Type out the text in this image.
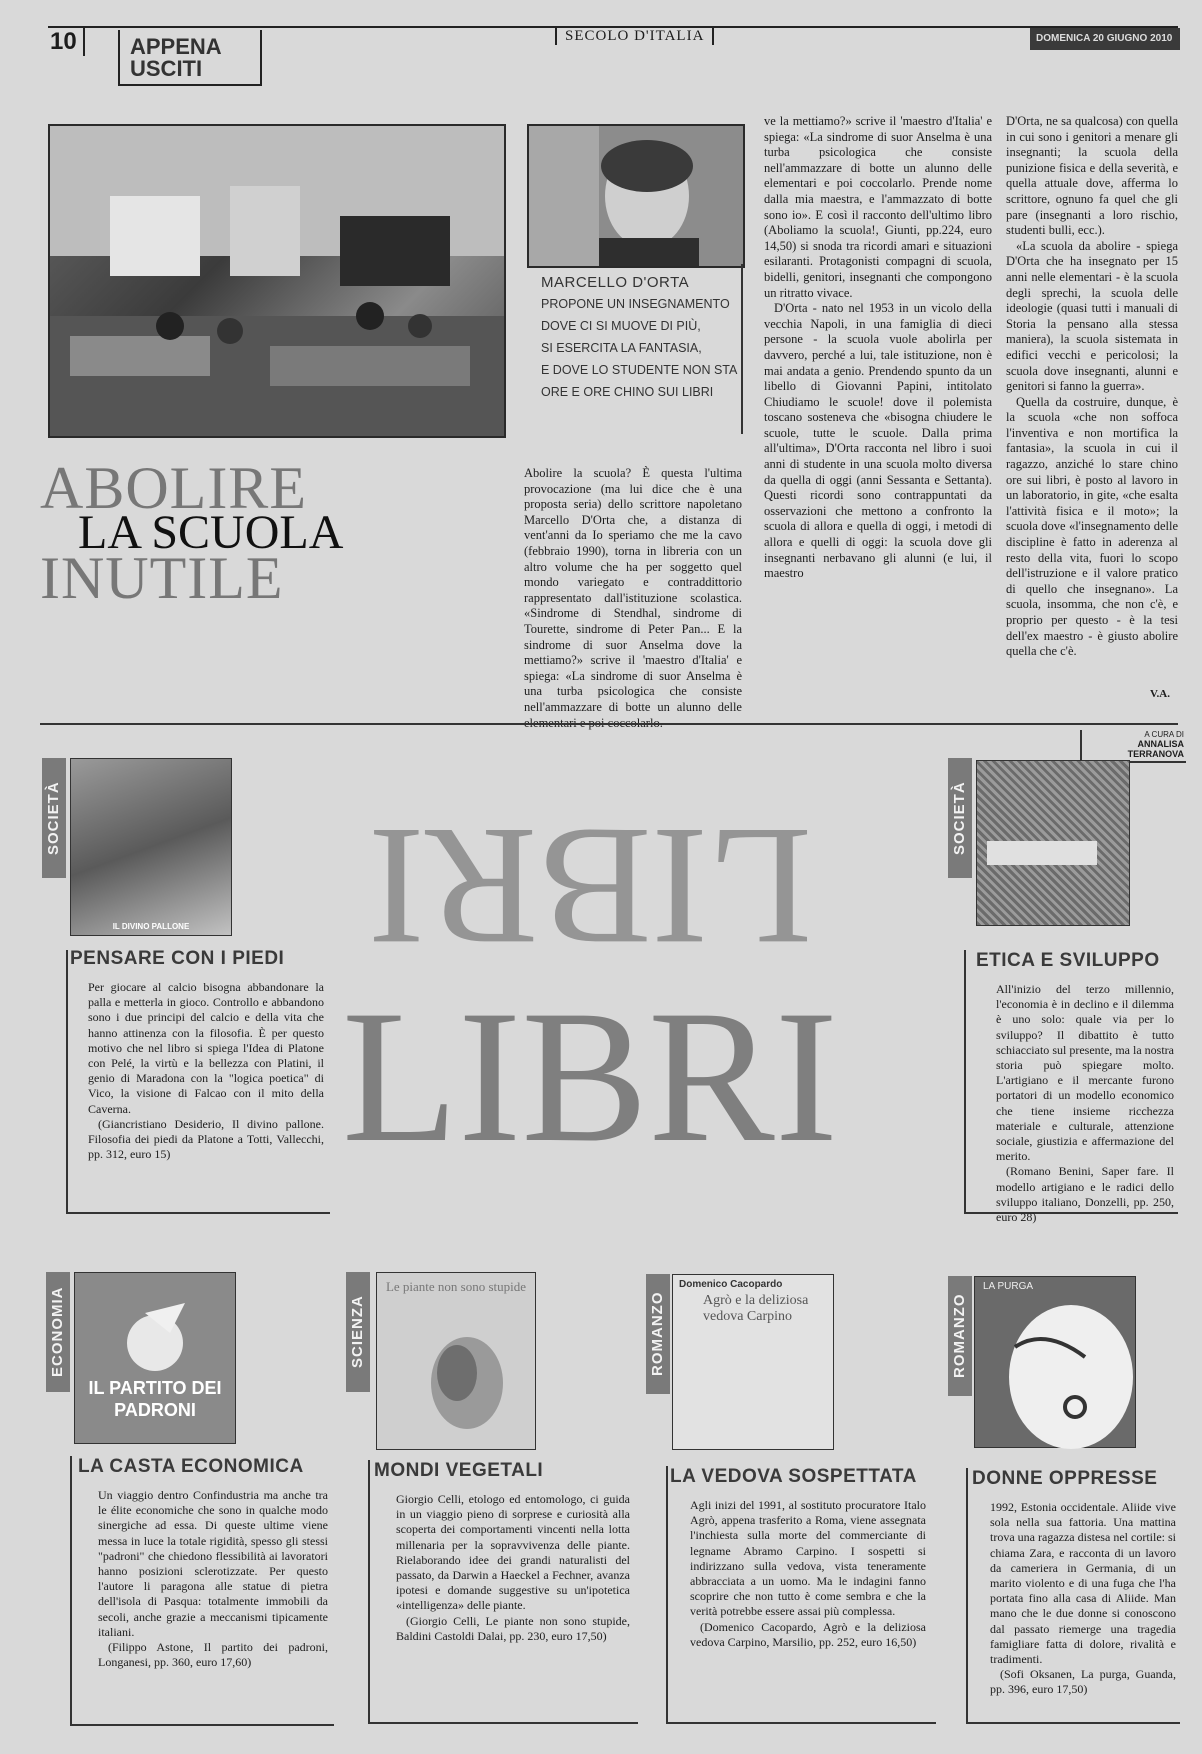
10	APPENA
USCITI
SECOLO D'ITALIA	DOMENICA 20 GIUGNO 2010
MARCELLO D'ORTA
PROPONE UN INSEGNAMENTO
DOVE CI SI MUOVE DI PIÙ,
SI ESERCITA LA FANTASIA,
E DOVE LO STUDENTE NON STA
ORE E ORE CHINO SUI LIBRI
ABOLIRE
LA SCUOLA
INUTILE

Abolire la scuola? È questa l'ultima provocazione (ma lui dice che è una proposta seria) dello scrittore napoletano Marcello D'Orta che, a distanza di vent'anni da Io speriamo che me la cavo (febbraio 1990), torna in libreria con un altro volume che ha per soggetto quel mondo variegato e contraddittorio rappresentato dall'istituzione scolastica. «Sindrome di Stendhal, sindrome di Tourette, sindrome di Peter Pan... E la sindrome di suor Anselma dove la mettiamo?» scrive il 'maestro d'Italia' e spiega: «La sindrome di suor Anselma è una turba psicologica che consiste nell'ammazzare di botte un alunno delle

ve la mettiamo?» scrive il 'maestro d'Italia' e spiega: «La sindrome di suor Anselma è una turba psicologica che consiste nell'ammazzare di botte un alunno delle elementari e poi coccolarlo. Prende nome dalla mia maestra, e l'ammazzato di botte sono io». E così il racconto dell'ultimo libro (Aboliamo la scuola!, Giunti, pp.224, euro 14,50) si snoda tra ricordi amari e situazioni esilaranti. Protagonisti compagni di scuola, bidelli, genitori, insegnanti che compongono un ritratto vivace.

D'Orta - nato nel 1953 in un vicolo della vecchia Napoli, in una famiglia di dieci persone - la scuola vuole abolirla per davvero, perché a lui, tale istituzione, non è mai andata a genio. Prendendo spunto da un libello di Giovanni Papini, intitolato Chiudiamo le scuole! dove il polemista toscano sosteneva che «bisogna chiudere le scuole, tutte le scuole. Dalla prima all'ultima», D'Orta racconta nel libro i suoi anni di studente in una scuola molto diversa da quella di oggi (anni Sessanta e Settanta). Questi ricordi sono contrappuntati da osservazioni che mettono a confronto la scuola di allora e quella di oggi, i metodi di allora e quelli di oggi: la scuola dove gli insegnanti nerbavano gli alunni (e lui, il maestro

D'Orta, ne sa qualcosa) con quella in cui sono i genitori a menare gli insegnanti; la scuola della punizione fisica e della severità, e quella attuale dove, afferma lo scrittore, ognuno fa quel che gli pare (insegnanti a loro rischio, studenti bulli, ecc.).

«La scuola da abolire - spiega D'Orta che ha insegnato per 15 anni nelle elementari - è la scuola degli sprechi, la scuola delle ideologie (quasi tutti i manuali di Storia la pensano alla stessa maniera), la scuola sistemata in edifici vecchi e pericolosi; la scuola dove insegnanti, alunni e genitori si fanno la guerra».

Quella da costruire, dunque, è la scuola «che non soffoca l'inventiva e non mortifica la fantasia», la scuola in cui il ragazzo, anziché lo stare chino ore sui libri, è posto al lavoro in un laboratorio, in gite, «che esalta l'attività fisica e il moto»; la scuola dove «l'insegnamento delle discipline è fatto in aderenza al resto della vita, fuori lo scopo dell'istruzione e il valore pratico di quello che insegnano». La scuola, insomma, che non c'è, e proprio per questo - è la tesi dell'ex maestro - è giusto abolire quella che c'è.

V.A.
A CURA DI
ANNALISA TERRANOVA
LIBRI
LIBRI
SOCIETÀ
IL DIVINO PALLONE
PENSARE CON I PIEDI

Per giocare al calcio bisogna abbandonare la palla e metterla in gioco. Controllo e abbandono sono i due principi del calcio e della vita che hanno attinenza con la filosofia. È per questo motivo che nel libro si spiega l'Idea di Platone con Pelé, la virtù e la bellezza con Platini, il genio di Maradona con la "logica poetica" di Vico, la visione di Falcao con il mito della Caverna.

(Giancristiano Desiderio, Il divino pallone. Filosofia dei piedi da Platone a Totti, Vallecchi, pp. 312, euro 15)

SOCIETÀ
ETICA E SVILUPPO

All'inizio del terzo millennio, l'economia è in declino e il dilemma è uno solo: quale via per lo sviluppo? Il dibattito è tutto schiacciato sul presente, ma la nostra storia può spiegare molto. L'artigiano e il mercante furono portatori di un modello economico che tiene insieme ricchezza materiale e culturale, attenzione sociale, giustizia e affermazione del merito.

(Romano Benini, Saper fare. Il modello artigiano e le radici dello sviluppo italiano, Donzelli, pp. 250, euro 28)

ECONOMIA
IL PARTITO DEI PADRONI
LA CASTA ECONOMICA

Un viaggio dentro Confindustria ma anche tra le élite economiche che sono in qualche modo sinergiche ad essa. Di queste ultime viene messa in luce la totale rigidità, spesso gli stessi "padroni" che chiedono flessibilità ai lavoratori hanno posizioni sclerotizzate. Per questo l'autore li paragona alle statue di pietra dell'isola di Pasqua: totalmente immobili da secoli, anche grazie a meccanismi tipicamente italiani.

(Filippo Astone, Il partito dei padroni, Longanesi, pp. 360, euro 17,60)

SCIENZA
Le piante non sono stupide
MONDI VEGETALI

Giorgio Celli, etologo ed entomologo, ci guida in un viaggio pieno di sorprese e curiosità alla scoperta dei comportamenti vincenti nella lotta millenaria per la sopravvivenza delle piante. Rielaborando idee dei grandi naturalisti del passato, da Darwin a Haeckel a Fechner, avanza ipotesi e domande suggestive su un'ipotetica «intelligenza» delle piante.

(Giorgio Celli, Le piante non sono stupide, Baldini Castoldi Dalai, pp. 230, euro 17,50)

ROMANZO
Domenico Cacopardo
Agrò e la deliziosa vedova Carpino
LA VEDOVA SOSPETTATA

Agli inizi del 1991, al sostituto procuratore Italo Agrò, appena trasferito a Roma, viene assegnata l'inchiesta sulla morte del commerciante di legname Abramo Carpino. I sospetti si indirizzano sulla vedova, vista teneramente abbracciata a un uomo. Ma le indagini fanno scoprire che non tutto è come sembra e che la verità potrebbe essere assai più complessa.

(Domenico Cacopardo, Agrò e la deliziosa vedova Carpino, Marsilio, pp. 252, euro 16,50)

ROMANZO
LA PURGA
DONNE OPPRESSE

1992, Estonia occidentale. Aliide vive sola nella sua fattoria. Una mattina trova una ragazza distesa nel cortile: si chiama Zara, e racconta di un lavoro da cameriera in Germania, di un marito violento e di una fuga che l'ha portata fino alla casa di Aliide. Man mano che le due donne si conoscono dal passato riemerge una tragedia famigliare fatta di dolore, rivalità e tradimenti.

(Sofi Oksanen, La purga, Guanda, pp. 396, euro 17,50)
